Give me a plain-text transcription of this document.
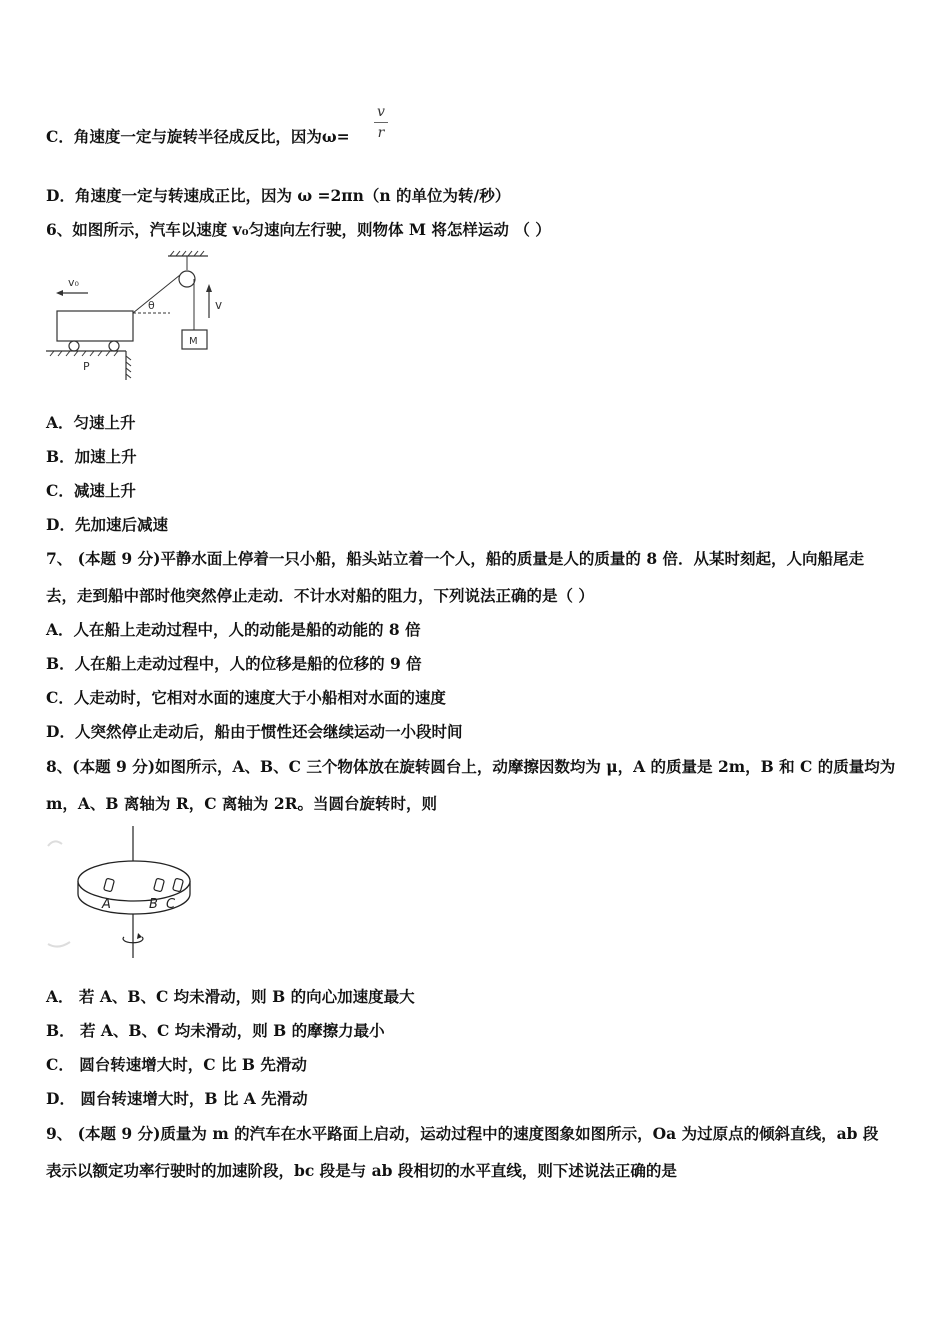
C．角速度一定与旋转半径成反比，因为ω=
v
r
D．角速度一定与转速成正比，因为 ω =2πn（n 的单位为转/秒）
6、如图所示，汽车以速度 v₀匀速向左行驶，则物体 M 将怎样运动 （ ）
θ
P
v₀
M
v
A．匀速上升
B．加速上升
C．减速上升
D．先加速后减速
7、 (本题 9 分)平静水面上停着一只小船，船头站立着一个人，船的质量是人的质量的 8 倍．从某时刻起，人向船尾走
去，走到船中部时他突然停止走动．不计水对船的阻力，下列说法正确的是（ ）
A．人在船上走动过程中，人的动能是船的动能的 8 倍
B．人在船上走动过程中，人的位移是船的位移的 9 倍
C．人走动时，它相对水面的速度大于小船相对水面的速度
D．人突然停止走动后，船由于惯性还会继续运动一小段时间
8、(本题 9 分)如图所示，A、B、C 三个物体放在旋转圆台上，动摩擦因数均为 μ，A 的质量是 2m，B 和 C 的质量均为
m，A、B 离轴为 R，C 离轴为 2R。当圆台旋转时，则
A	B C
A． 若 A、B、C 均未滑动，则 B 的向心加速度最大
B． 若 A、B、C 均未滑动，则 B 的摩擦力最小
C． 圆台转速增大时，C 比 B 先滑动
D． 圆台转速增大时，B 比 A 先滑动
9、 (本题 9 分)质量为 m 的汽车在水平路面上启动，运动过程中的速度图象如图所示，Oa 为过原点的倾斜直线，ab 段
表示以额定功率行驶时的加速阶段，bc 段是与 ab 段相切的水平直线，则下述说法正确的是
